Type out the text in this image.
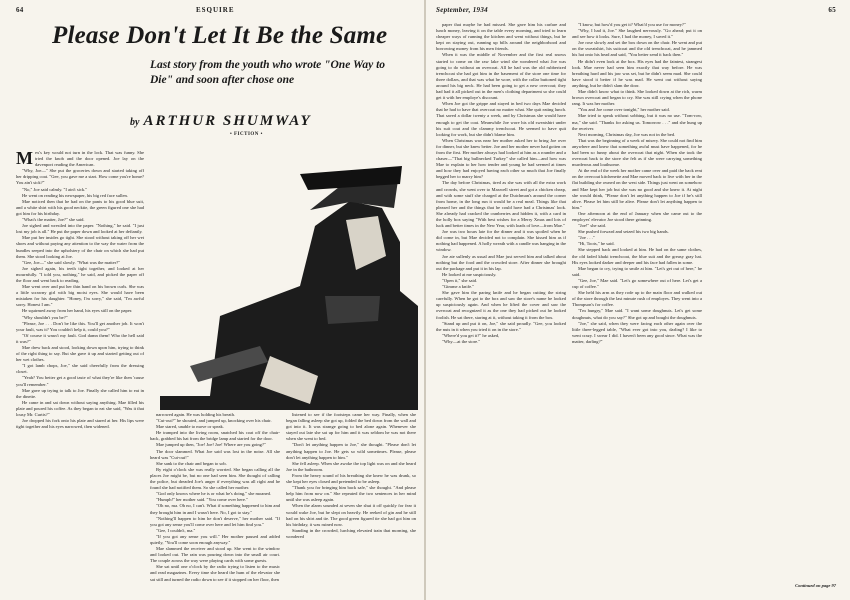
64	ESQUIRE
Please Don't Let It Be the Same
Last story from the youth who wrote "One Way to Die" and soon after chose one
by ARTHUR SHUMWAY
• FICTION •
M ex's key would not turn in the lock. That was funny. She tried the knob and the door opened. Joe lay on the davenport reading the American.

"Why, Joe—" She put the groceries down and started taking off her dripping coat. "Gee, you gave me a start. How come you're home? You ain't sick?"

"No," Joe said calmly. "I ain't sick."

He went on reading his newspaper, his big red face sullen.

Mae noticed then that he had on the pants to his good blue suit, and a white shirt with his good necktie, the green figured one she had got him for his birthday.

"What's the matter, Joe?" she said.

Joe sighed and wrestled into the paper. "Nothing," he said. "I just lost my job is all." He put the paper down and looked at her defiantly.

Mae put her insides go tight. She stood without taking off her wet shoes and without paying any attention to the way the water from the bundles seeped into the upholstery of the chair on which she had put them. She stood looking at Joe.

"Gee, Joe—" she said slowly. "What was the matter?"

Joe sighed again, his teeth tight together, and looked at her mournfully. "I told you, nothing," he said, and picked the paper off the floor and went back to reading.

Mae went over and put her thin hand on his brown curls. She was a little scrawny girl with big moist eyes. She would have been mistaken for his daughter. "Honey, I'm sorry," she said, "I'm awful sorry. Honest I am."

He squirmed away from her hand, his eyes still on the paper.

"Why shouldn't you be?"

"Please, Joe . . . Don't be like this. You'll get another job. It won't your fault, was it? You couldn't help it, could you?"

"Of course it wasn't my fault. God damn them! Who the hell said it was?"

Mae drew back and stood, looking down upon him, trying to think of the right thing to say. But she gave it up and started getting out of her wet clothes.

"I got lamb chops, Joe," she said cheerfully from the dressing closet.

"Yeah? You better get a good taste of what they're like then 'cause you'll remember."

Mae gave up trying to talk to Joe. Finally she called him to eat in the dinette.

He came in and sat down without saying anything. Mae filled his plate and poured his coffee. As they began to eat she said, "Was it that lousy Mr. Curtis?"

Joe dropped his fork onto his plate and stared at her. His lips were tight together and his eyes narrowed, then widened.

narrowed again. He was holding his breath.

"Cut-out?" he shouted, and jumped up, knocking over his chair.

Mae stared, unable to move or speak.

He tramped into the living room, snatched his coat off the chair-back, grabbed his hat from the bridge lamp and started for the door.

Mae jumped up then, "Joe! Joe! Joe! Where are you going?"

The door slammed. What Joe said was lost in the noise. All she heard was "Cut-out!"

She sank to the chair and began to sob.

By eight o'clock she was really worried. She began calling all the places Joe might be, but no one had seen him. She thought of calling the police, but dreaded Joe's anger if everything was all right and he found she had notified them. So she called her mother.

"God only knows where he is or what he's doing," she moaned.

"Humph!" her mother said. "You come over here."

"Oh no, ma. Oh no, I can't. What if something happened to him and they brought him in and I wasn't here. No, I got to stay."

"Nothing'll happen to him he don't deserve," her mother said. "If you got any sense you'll come over here and let him find you."

"Gee, I couldn't, ma."

"If you got any sense you will." Her mother paused and added quietly, "You'll come soon enough anyway."

Mae slammed the receiver and stood up. She went to the window and looked out. The rain was pouring down into the small air court. The couple across the way were playing cards with some guests.

She sat until one o'clock by the radio trying to listen to the music and read magazines. Every time she heard the hum of the elevator she sat still and turned the radio down to see if it stopped on her floor, then

listened to see if the footsteps came her way. Finally, when she began falling asleep she got up, folded the bed down from the wall and got into it. It was strange going to bed alone again. Whenever she stayed out late she sat up for him and it was seldom he was not there when she went to bed.

"Don't let anything happen to Joe," she thought. "Please don't let anything happen to Joe. He gets so wild sometimes. Please, please don't let anything happen to him."

She fell asleep. When she awoke the top light was on and she heard Joe in the bathroom.

From the heavy sound of his breathing she knew he was drunk, so she kept her eyes closed and pretended to be asleep.

"Thank you for bringing him back safe," she thought. "And please help him from now on." She repeated the two sentences in her mind until she was asleep again.

When the alarm sounded at seven she shut it off quickly for fear it would wake Joe, but he slept on heavily. He reeked of gin and he still had on his shirt and tie. The good green figured tie she had got him on his birthday, it was ruined now.

Standing in the crowded, lurching elevated train that morning, she wondered

September, 1934	65

paper that maybe he had missed. She gave him his carfare and lunch money, leaving it on the table every morning, and tried to learn cheaper ways of running the kitchen and went without things, but he kept on staying out, running up bills around the neighborhood and borrowing money from his men friends.

When it was the middle of November and the first real snows started to come on the raw lake wind she wondered what Joe was going to do without an overcoat. All he had was the old rubberized trenchcoat she had got him in the basement of the store one time for three dollars, and that was what he wore, with the collar buttoned tight around his big neck. He had been going to get a new overcoat; they had had it all picked out in the men's clothing department so she could get it with her employe's discount.

When Joe got the grippe and stayed in bed two days Mae decided that he had to have that overcoat no matter what. She quit eating lunch. That saved a dollar twenty a week, and by Christmas she would have enough to get the coat. Meanwhile Joe wore his old sweatshirt under his suit coat and the clammy trenchcoat. He seemed to have quit looking for work, but she didn't blame him.

When Christmas was near her mother asked her to bring Joe over for dinner, but she knew better. Joe and her mother never had gotten on from the first. Her mother always had looked at him as a rounder and a chaser—"That big bullnecked Turkey" she called him—and how was Mae to explain to her how tender and young he had seemed at times and how they had enjoyed having each other so much that Joe finally begged her to marry him?

The day before Christmas, tired as she was with all the extra work and crowds, she went over to Maxwell street and got a chicken cheap, and with some stuff she charged at the Dutchman's around the corner from home, in the long run it would be a real meal. Things like that pleased her and the things that he could have had a Christmas' look. She already had cracked the cranberries and hidden it, with a card in the holly box saying "With best wishes for a Merry Xmas and lots of luck and better times in the New Year, with loads of love—from Mae."

Joe was two hours late for the dinner and it was spoiled when he did come in, but Mae decided not to complain. She kissed him as if nothing had happened. A holly wreath with a candle was hanging in the window.

Joe ate sullenly as usual and Mae just served him and talked about nothing but the food and the crowded store. After dinner she brought out the package and put it in his lap.

He looked at me suspiciously.

"Open it," she said.

"Gimme a knife."

She gave him the paring knife and he began cutting the string carefully. When he got to the box and saw the store's name he looked up suspiciously again. And when he lifted the cover and saw the overcoat and recognized it as the one they had picked out he looked foolish. He sat there, staring at it, without taking it from the box.

"Stand up and put it on, Joe," she said proudly. "Gee, you looked the nuts in it when you tried it on in the store."

"Where'd you get it?" he asked,

"Why—at the store."

"I know, but how'd you get it? What'd you use for money?"

"Why, I had it, Joe." She laughed nervously. "Go ahead; put it on and see how it looks. Sure, I had the money, I saved it."

Joe rose slowly and set the box down on the chair. He went and put on the sweatshirt, his suitcoat and the old trenchcoat, and he jammed his hat onto his head and said, "You better send it back then."

He didn't even look at the box. His eyes had the faintest, strangest look. Mae never had seen him exactly that way before. He was breathing hard and his jaw was set, but he didn't seem mad. She could have stood it better if he was mad. He went out without saying anything, but he didn't slam the door.

Mae didn't know what to think. She looked down at the rich, warm brown overcoat and began to cry. She was still crying when the phone rang. It was her mother.

"You and Joe come over tonight," her mother said.

Mae tried to speak without sobbing, but it was no use. "Tom-row, ma," she said. "Thanks for asking us. Tomorrow . . ." and she hung up the receiver.

Next morning, Christmas day, Joe was not in the bed.

That was the beginning of a week of misery. She could not find him anywhere and knew that something awful must have happened, for he had been so funny about the overcoat that night. When she took the overcoat back to the store she felt as if she were carrying something murderous and loathsome.

At the end of the week her mother came over and paid the back rent on the overcoat kitchenette and Mae moved back to live with her in the flat building she owned on the west side. Things just went on somehow and Mae kept her job but she was no good and she knew it. At night she would think, "Please don't let anything happen to Joe if he's still alive. Please let him still be alive. Please don't let anything happen to him."

One afternoon at the end of January when she came out to the employes' elevator Joe stood there grinning.

"Joe!" she said.

She pushed forward and seized his two big hands.

"Joe . . ."

"Hi, Toots," he said.

She stepped back and looked at him. He had on the same clothes, the old faded khaki trenchcoat, the blue suit and the greasy gray hat. His eyes looked darker and deeper and his face had fallen in some.

Mae began to cry, trying to smile at him. "Let's get out of here," he said.

"Gee, Joe," Mae said. "Let's go somewhere out of here. Let's get a cup of coffee."

She held his arm as they rode up to the main floor and walked out of the store through the last minute rush of employes. They went into a Thompson's for coffee.

"I'm hungry," Mae said. "I want some doughnuts. Let's get some doughnuts, what do you say?" She got up and bought the doughnuts.

"Joe," she said, when they were facing each other again over the little three-legged table, "What ever got into you, darling? I like to went crazy. I swear I did. I haven't been any good since. What was the matter, darling?"

Continued on page 97
